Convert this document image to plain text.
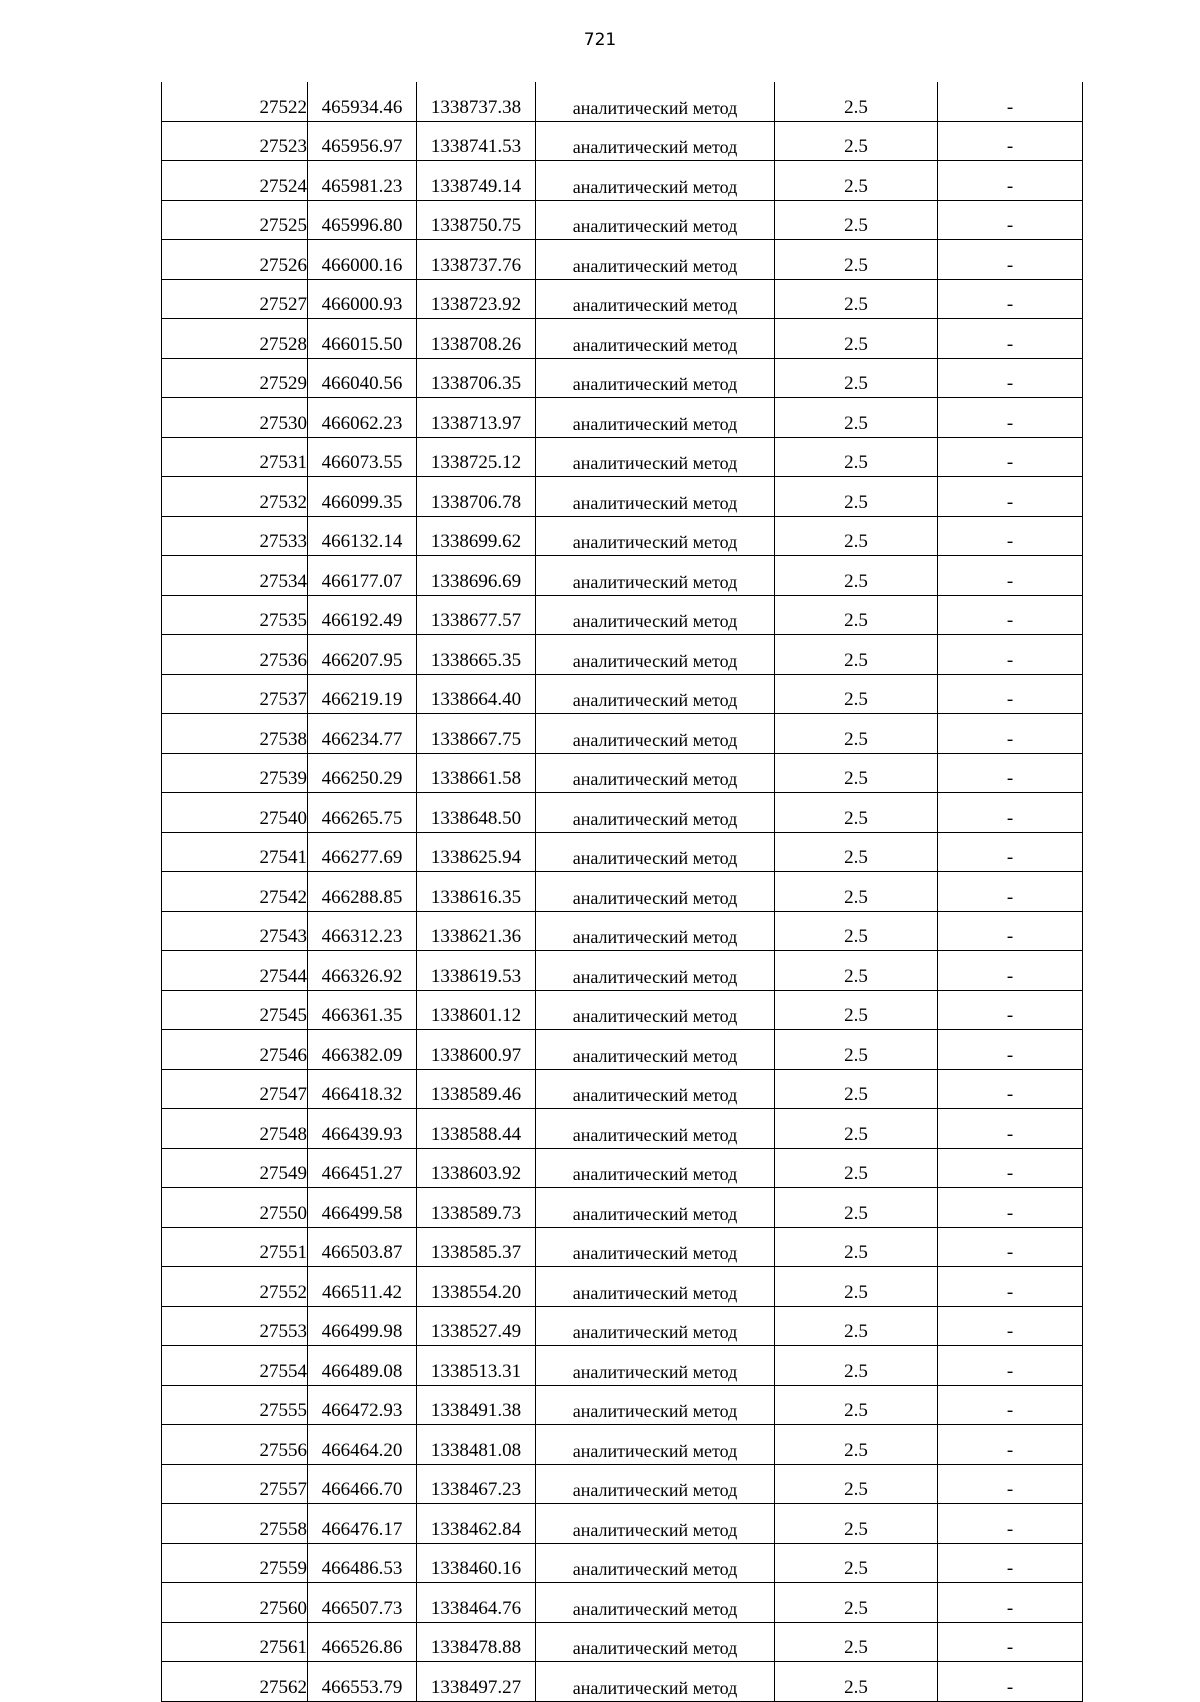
721
27522	465934.46	1338737.38	аналитический метод	2.5	-
27523	465956.97	1338741.53	аналитический метод	2.5	-
27524	465981.23	1338749.14	аналитический метод	2.5	-
27525	465996.80	1338750.75	аналитический метод	2.5	-
27526	466000.16	1338737.76	аналитический метод	2.5	-
27527	466000.93	1338723.92	аналитический метод	2.5	-
27528	466015.50	1338708.26	аналитический метод	2.5	-
27529	466040.56	1338706.35	аналитический метод	2.5	-
27530	466062.23	1338713.97	аналитический метод	2.5	-
27531	466073.55	1338725.12	аналитический метод	2.5	-
27532	466099.35	1338706.78	аналитический метод	2.5	-
27533	466132.14	1338699.62	аналитический метод	2.5	-
27534	466177.07	1338696.69	аналитический метод	2.5	-
27535	466192.49	1338677.57	аналитический метод	2.5	-
27536	466207.95	1338665.35	аналитический метод	2.5	-
27537	466219.19	1338664.40	аналитический метод	2.5	-
27538	466234.77	1338667.75	аналитический метод	2.5	-
27539	466250.29	1338661.58	аналитический метод	2.5	-
27540	466265.75	1338648.50	аналитический метод	2.5	-
27541	466277.69	1338625.94	аналитический метод	2.5	-
27542	466288.85	1338616.35	аналитический метод	2.5	-
27543	466312.23	1338621.36	аналитический метод	2.5	-
27544	466326.92	1338619.53	аналитический метод	2.5	-
27545	466361.35	1338601.12	аналитический метод	2.5	-
27546	466382.09	1338600.97	аналитический метод	2.5	-
27547	466418.32	1338589.46	аналитический метод	2.5	-
27548	466439.93	1338588.44	аналитический метод	2.5	-
27549	466451.27	1338603.92	аналитический метод	2.5	-
27550	466499.58	1338589.73	аналитический метод	2.5	-
27551	466503.87	1338585.37	аналитический метод	2.5	-
27552	466511.42	1338554.20	аналитический метод	2.5	-
27553	466499.98	1338527.49	аналитический метод	2.5	-
27554	466489.08	1338513.31	аналитический метод	2.5	-
27555	466472.93	1338491.38	аналитический метод	2.5	-
27556	466464.20	1338481.08	аналитический метод	2.5	-
27557	466466.70	1338467.23	аналитический метод	2.5	-
27558	466476.17	1338462.84	аналитический метод	2.5	-
27559	466486.53	1338460.16	аналитический метод	2.5	-
27560	466507.73	1338464.76	аналитический метод	2.5	-
27561	466526.86	1338478.88	аналитический метод	2.5	-
27562	466553.79	1338497.27	аналитический метод	2.5	-
